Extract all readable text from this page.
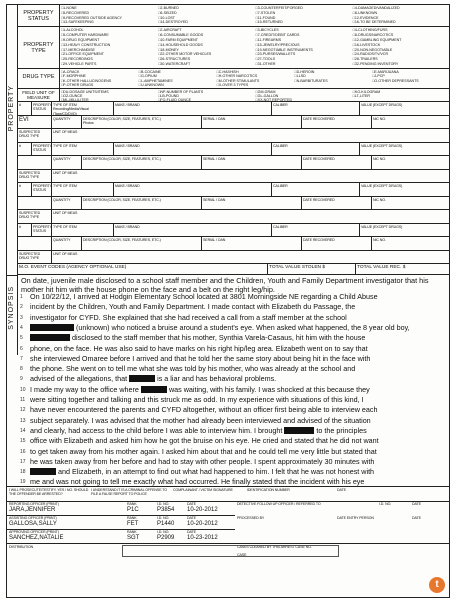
PROPERTY
SYNOPSIS
PROPERTY STATUS
□ 1-NONE	□ 2-BURNED	□ 3-COUNTERFEIT/FORGED	□ 4-DAMAGED/VANDALIZED
□ 5-RECOVERED	□ 6-SEIZED	□ 7-STOLEN	□ 8-UNKNOWN
□ 9-RECOVERED OUTSIDE AGENCY	□ 10-LOST	□ 11-FOUND	□ 12-EVIDENCE
□ 13-SAFEKEEPING	□ 14-DESTROYED	□ 15-RETURNED	□ 16-TO BE DETERMINED
PROPERTY TYPE
□ 1-ALCOHOL	□ 2-AIRCRAFT	□ 3-BICYCLES	□ 4-CLOTHING/FURS
□ 5-COMPUTER HARDWARE	□ 6-CONSUMABLE GOODS	□ 7-CREDIT/DEBIT CARDS	□ 8-DRUGS/NARCOTICS
□ 9-DRUG EQUIPMENT	□ 10-FARM EQUIPMENT	□ 11-FIREARMS	□ 12-GAMBLING EQUIPMENT
□ 13-HEAVY CONSTRUCTION	□ 14-HOUSEHOLD GOODS	□ 15-JEWELRY/PRECIOUS	□ 16-LIVESTOCK
□ 17-MERCHANDISE	□ 18-MONEY	□ 19-NEGOTIABLE INSTRUMENTS	□ 20-NON-NEGOTIABLE
□ 21-OFFICE EQUIPMENT	□ 22-OTHER MOTOR VEHICLES	□ 23-PURSES/WALLETS	□ 24-RADIOS/TV/VCR
□ 25-RECORDINGS	□ 26-STRUCTURES	□ 27-TOOLS	□ 28-TRAILERS
□ 29-VEHICLE PARTS	□ 30-WATERCRAFT	□ 31-OTHER	□ 32-PENDING INVENTORY
DRUG TYPE
□ A-CRACK	□ B-COCAINE	□ C-HASHISH	□ D-HEROIN	□ E-MARIJUANA
□ F-MORPHINE	□ G-OPIUM	□ H-OTHER NARCOTICS	□ I-LSD	□ J-PCP
□ K-OTHER HALLUCINOGENS	□ L-AMPHETAMINES	□ M-OTHER STIMULANTS	□ N-BARBITURATES	□ O-OTHER DEPRESSANTS
□ P-OTHER DRUGS	□ U-UNKNOWN	□ X-OVER 3 TYPES
FIELD UNIT OF MEASURE
□ DU-DOSAGE UNITS/ITEMS	□ NP-NUMBER OF PLANTS	□ GM-GRAM	□ KG-KILOGRAM
□ OZ-OUNCE	□ LB-POUND	□ GL-GALLON	□ LT-LITER
□ ML-MILLILITER	□ FO-FLUID OUNCE	□ XX-NOT REPORTED
#	PROPERTY STATUS
TYPE OF ITEM
Recording/Media/Visual (Tape/CD/DVD)
MAKE / BRAND	CALIBER	VALUE (EXCEPT DRUGS)
EVI	QUANTITY	DESCRIPTION (COLOR, SIZE, FEATURES, ETC.)
Photos
SERIAL / OAN	DATE RECOVERED	NIC NO.
SUSPECTED DRUG TYPE
UNIT OF MEAS
#	PROPERTY STATUS
TYPE OF ITEM	MAKE / BRAND	CALIBER	VALUE (EXCEPT DRUGS)
QUANTITY	DESCRIPTION (COLOR, SIZE, FEATURES, ETC.)	SERIAL / OAN	DATE RECOVERED	NIC NO.
SUSPECTED DRUG TYPE
UNIT OF MEAS
#	PROPERTY STATUS
TYPE OF ITEM	MAKE / BRAND	CALIBER	VALUE (EXCEPT DRUGS)
QUANTITY	DESCRIPTION (COLOR, SIZE, FEATURES, ETC.)	SERIAL / OAN	DATE RECOVERED	NIC NO.
SUSPECTED DRUG TYPE
UNIT OF MEAS
#	PROPERTY STATUS
TYPE OF ITEM	MAKE / BRAND	CALIBER	VALUE (EXCEPT DRUGS)
QUANTITY	DESCRIPTION (COLOR, SIZE, FEATURES, ETC.)	SERIAL / OAN	DATE RECOVERED	NIC NO.
SUSPECTED DRUG TYPE
UNIT OF MEAS
M.O. EVENT CODES (AGENCY OPTIONAL USE)	TOTAL VALUE STOLEN $	TOTAL VALUE REC. $
On date, juvenile male disclosed to a school staff member and the Children, Youth and Family Department investigator that his mother hit him with the house phone on the face and a belt on the right leg/hip.
1 On 10/22/12, I arrived at Hodgin Elementary School located at 3801 Morningside NE regarding a Child Abuse
2 incident by the Children, Youth and Family Department. I made contact with Elizabeth du Passage, the
3 investigator for CYFD. She explained that she had received a call from a staff member at the school
4	(unknown) who noticed a bruise around a student's eye. When asked what happened, the 8 year old boy,
5	disclosed to the staff member that his mother, Synthia Varela-Casaus, hit him with the house
6 phone, on the face. He was also said to have marks on his right hip/leg area. Elizabeth went on to say that
7 she interviewed Omaree before I arrived and that he told her the same story about being hit in the face with
8 the phone. She went on to tell me what she was told by his mother, who was already at the school and
9 advised of the allegations, that	is a liar and has behavioral problems.
10 I made my way to the office where	was waiting, with his family. I was shocked at this because they
11 were sitting together and talking and this struck me as odd. In my experience with situations of this kind, I
12 have never encountered the parents and CYFD altogether, without an officer first being able to interview each
13 subject separately. I was advised that the mother had already been interviewed and advised of the situation
14 and clearly, had access to the child before I was able to interview him. I brought	to the principles
15 office with Elizabeth and asked him how he got the bruise on his eye. He cried and stated that he did not want
16 to get taken away from his mother again. I asked him about that and he could tell me very little but stated that
17 he was taken away from her before and had to stay with other people. I spent approximately 30 minutes with
18	and Elizabeth, in an attempt to find out what had happened to him. I felt that he was not honest with
19 me and was not going to tell me exactly what had occurred. He finally stated that the incident with his eye
I WILL PROSECUTE/TESTIFY. YES / NO. SHOULD THE OFFENDER BE ARRESTED?
I UNDERSTAND IT IS A CRIMINAL OFFENSE TO FILE A FALSE REPORT TO POLICE
COMPLAINANT / VICTIM SIGNATURE	IDENTIFICATION NUMBER	DATE
REPORTING OFFICER (PRINT)	RANK	I.D. NO.	DATE	DETECTIVE FOLLOW UP OFFICER / REFERRED TO	I.D. NO.	DATE
JARA,JENNIFER	P1C	P3854 10-20-2012
ASSISTING OFFICER (PRINT)	RANK	I.D. NO.	DATE	PROCESSED BY	DATE ENTRY PERSON	DATE
GALLOSA,SALLY	FET	P1440 10-20-2012
APPROVING OFFICER (PRINT)	RANK	I.D. NO.	DATE
SANCHEZ,NATALIE	SGT	P2909 10-23-2012
DISTRIBUTION	CASES CLEARED BY THIS ARREST CASE NO.
CASE
t
